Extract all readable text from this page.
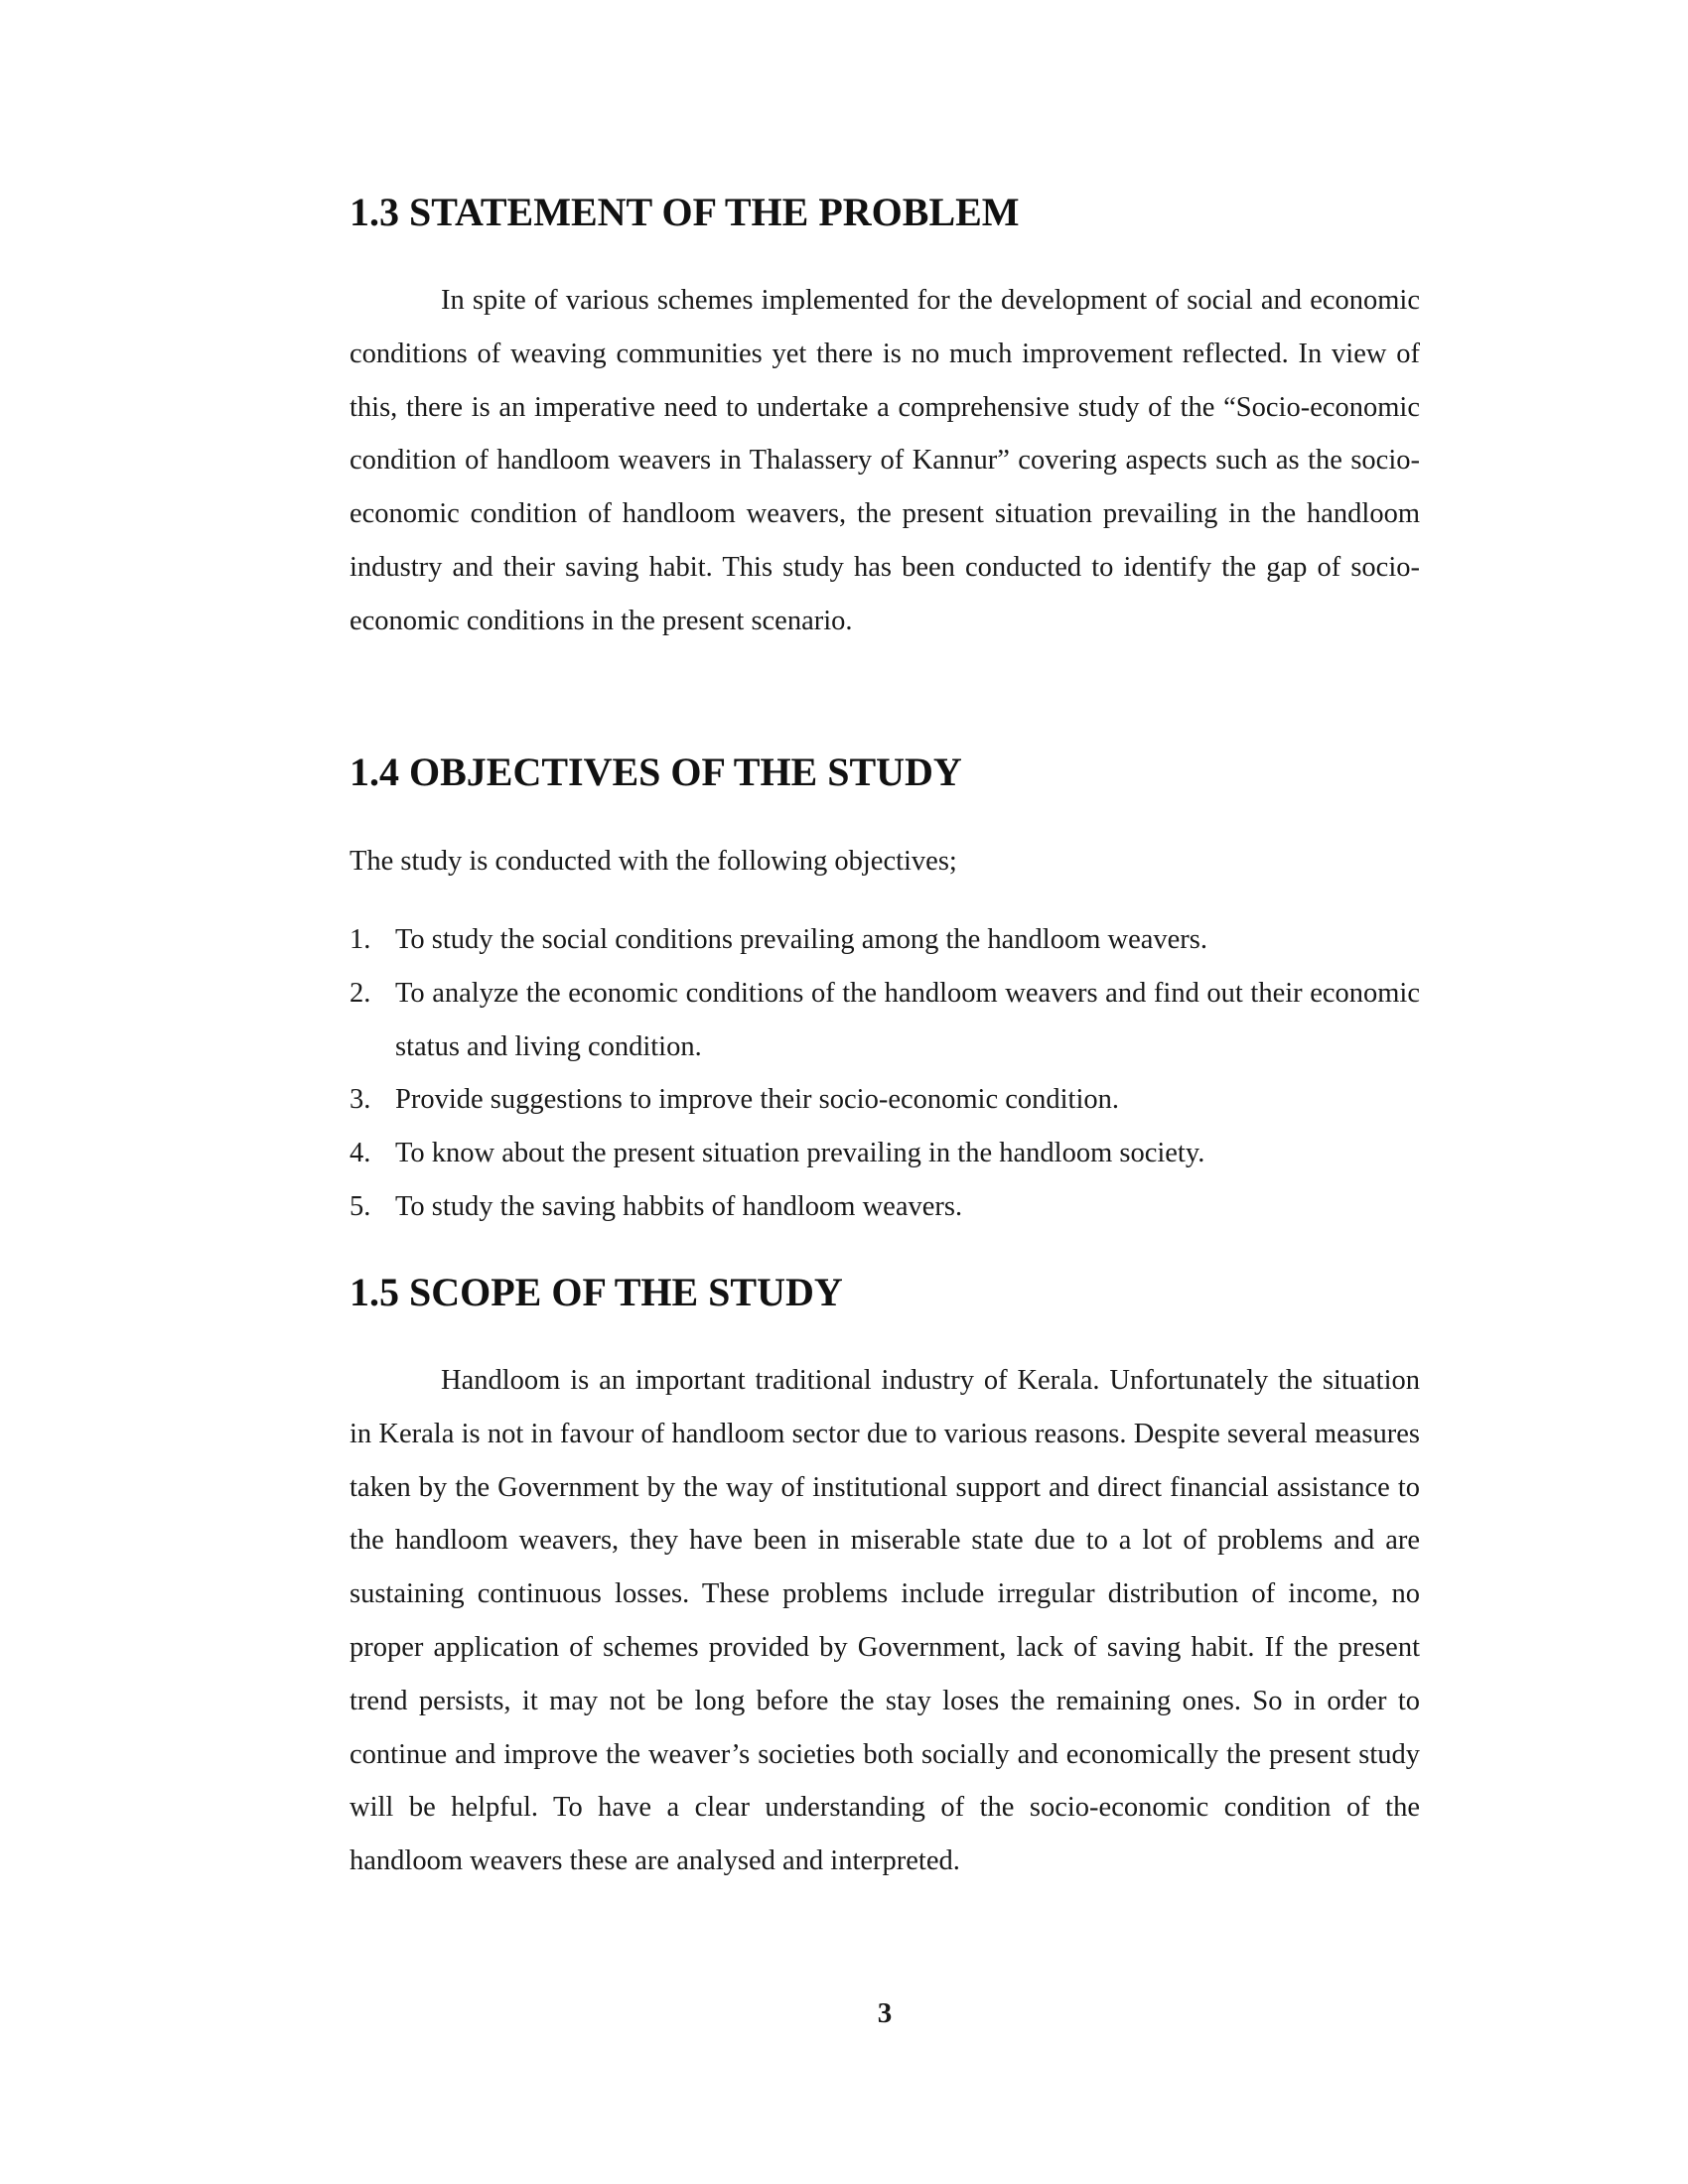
1.3 STATEMENT OF THE PROBLEM

In spite of various schemes implemented for the development of social and economic conditions of weaving communities yet there is no much improvement reflected. In view of this, there is an imperative need to undertake a comprehensive study of the “Socio-economic condition of handloom weavers in Thalassery of Kannur” covering aspects such as the socio-economic condition of handloom weavers, the present situation prevailing in the handloom industry and their saving habit. This study has been conducted to identify the gap of socio-economic conditions in the present scenario.

1.4 OBJECTIVES OF THE STUDY

The study is conducted with the following objectives;

1. To study the social conditions prevailing among the handloom weavers.
2. To analyze the economic conditions of the handloom weavers and find out their economic status and living condition.
3. Provide suggestions to improve their socio-economic condition.
4. To know about the present situation prevailing in the handloom society.
5. To study the saving habbits of handloom weavers.
1.5 SCOPE OF THE STUDY

Handloom is an important traditional industry of Kerala. Unfortunately the situation in Kerala is not in favour of handloom sector due to various reasons. Despite several measures taken by the Government by the way of institutional support and direct financial assistance to the handloom weavers, they have been in miserable state due to a lot of problems and are sustaining continuous losses. These problems include irregular distribution of income, no proper application of schemes provided by Government, lack of saving habit. If the present trend persists, it may not be long before the stay loses the remaining ones. So in order to continue and improve the weaver’s societies both socially and economically the present study will be helpful. To have a clear understanding of the socio-economic condition of the handloom weavers these are analysed and interpreted.

3
